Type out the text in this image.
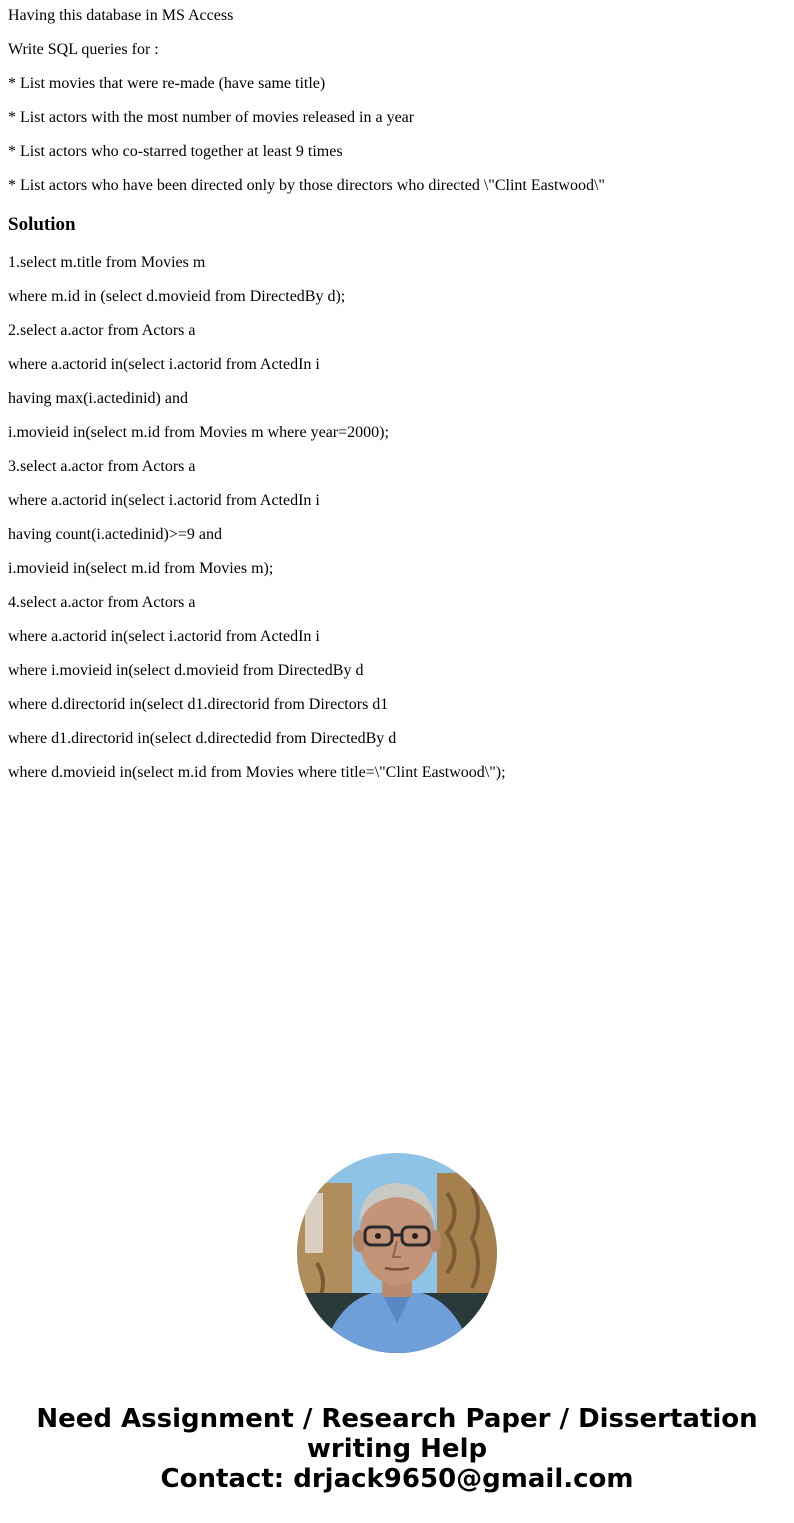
Having this database in MS Access

Write SQL queries for :

* List movies that were re-made (have same title)

* List actors with the most number of movies released in a year

* List actors who co-starred together at least 9 times

* List actors who have been directed only by those directors who directed \"Clint Eastwood\"

Solution

1.select m.title from Movies m

where m.id in (select d.movieid from DirectedBy d);

2.select a.actor from Actors a

where a.actorid in(select i.actorid from ActedIn i

having max(i.actedinid) and

i.movieid in(select m.id from Movies m where year=2000);

3.select a.actor from Actors a

where a.actorid in(select i.actorid from ActedIn i

having count(i.actedinid)>=9 and

i.movieid in(select m.id from Movies m);

4.select a.actor from Actors a

where a.actorid in(select i.actorid from ActedIn i

where i.movieid in(select d.movieid from DirectedBy d

where d.directorid in(select d1.directorid from Directors d1

where d1.directorid in(select d.directedid from DirectedBy d

where d.movieid in(select m.id from Movies where title=\"Clint Eastwood\");

Need Assignment / Research Paper / Dissertation
writing Help
Contact: drjack9650@gmail.com
